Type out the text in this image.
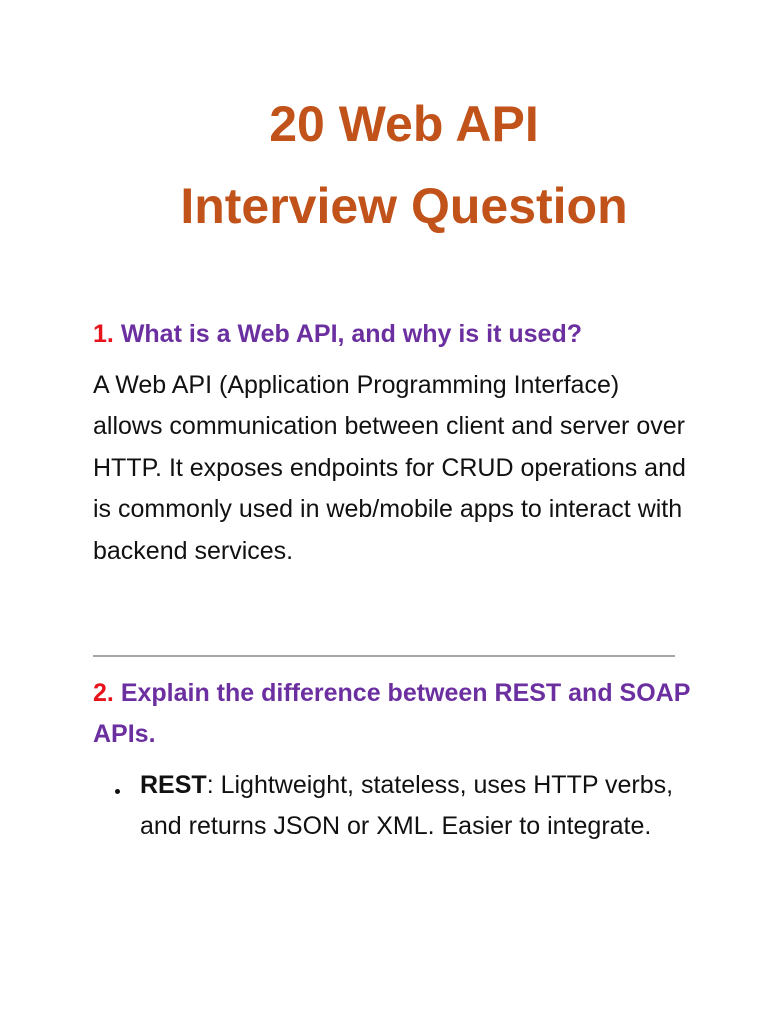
20 Web API
Interview Question
1. What is a Web API, and why is it used?

A Web API (Application Programming Interface) allows communication between client and server over HTTP. It exposes endpoints for CRUD operations and is commonly used in web/mobile apps to interact with backend services.

2. Explain the difference between REST and SOAP APIs.
REST: Lightweight, stateless, uses HTTP verbs, and returns JSON or XML. Easier to integrate.
